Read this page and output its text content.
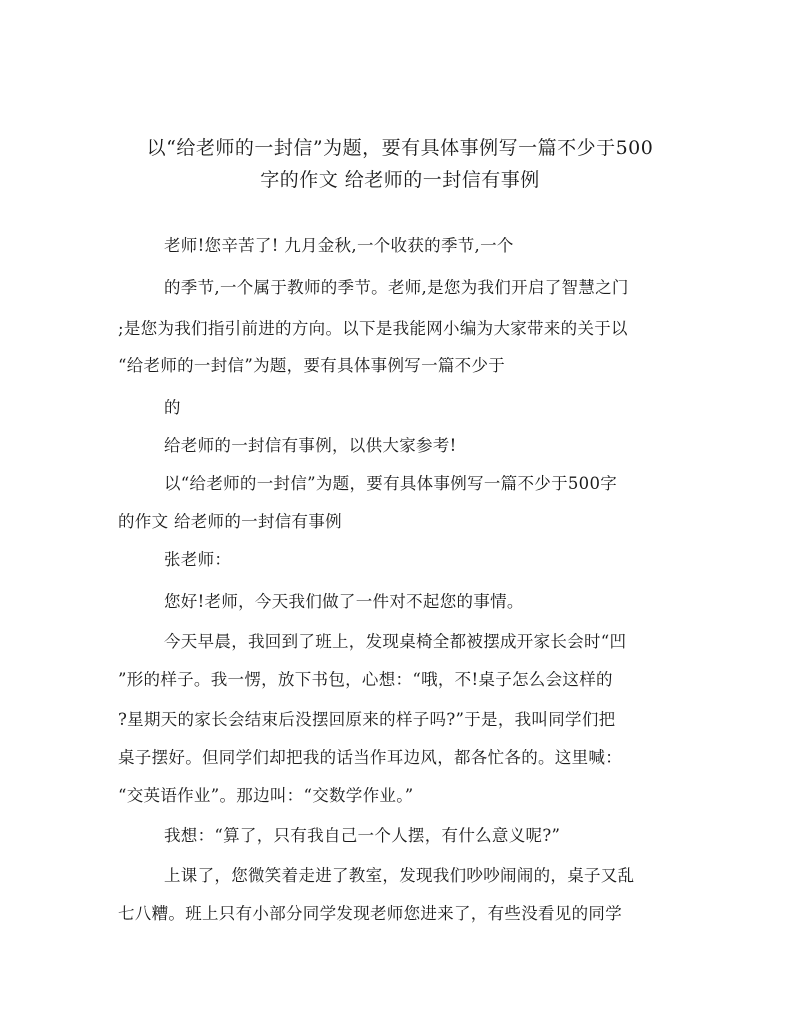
以“给老师的一封信”为题，要有具体事例写一篇不少于500
字的作文 给老师的一封信有事例

老师!您辛苦了! 九月金秋,一个收获的季节,一个

的季节,一个属于教师的季节。老师,是您为我们开启了智慧之门

;是您为我们指引前进的方向。以下是我能网小编为大家带来的关于以

“给老师的一封信”为题，要有具体事例写一篇不少于

的

给老师的一封信有事例，以供大家参考!

以“给老师的一封信”为题，要有具体事例写一篇不少于500字

的作文 给老师的一封信有事例

张老师：

您好!老师，今天我们做了一件对不起您的事情。

今天早晨，我回到了班上，发现桌椅全都被摆成开家长会时“凹

”形的样子。我一愣，放下书包，心想：“哦，不!桌子怎么会这样的

?星期天的家长会结束后没摆回原来的样子吗?”于是，我叫同学们把

桌子摆好。但同学们却把我的话当作耳边风，都各忙各的。这里喊：

“交英语作业”。那边叫：“交数学作业。”

我想：“算了，只有我自己一个人摆，有什么意义呢?”

上课了，您微笑着走进了教室，发现我们吵吵闹闹的，桌子又乱

七八糟。班上只有小部分同学发现老师您进来了，有些没看见的同学
